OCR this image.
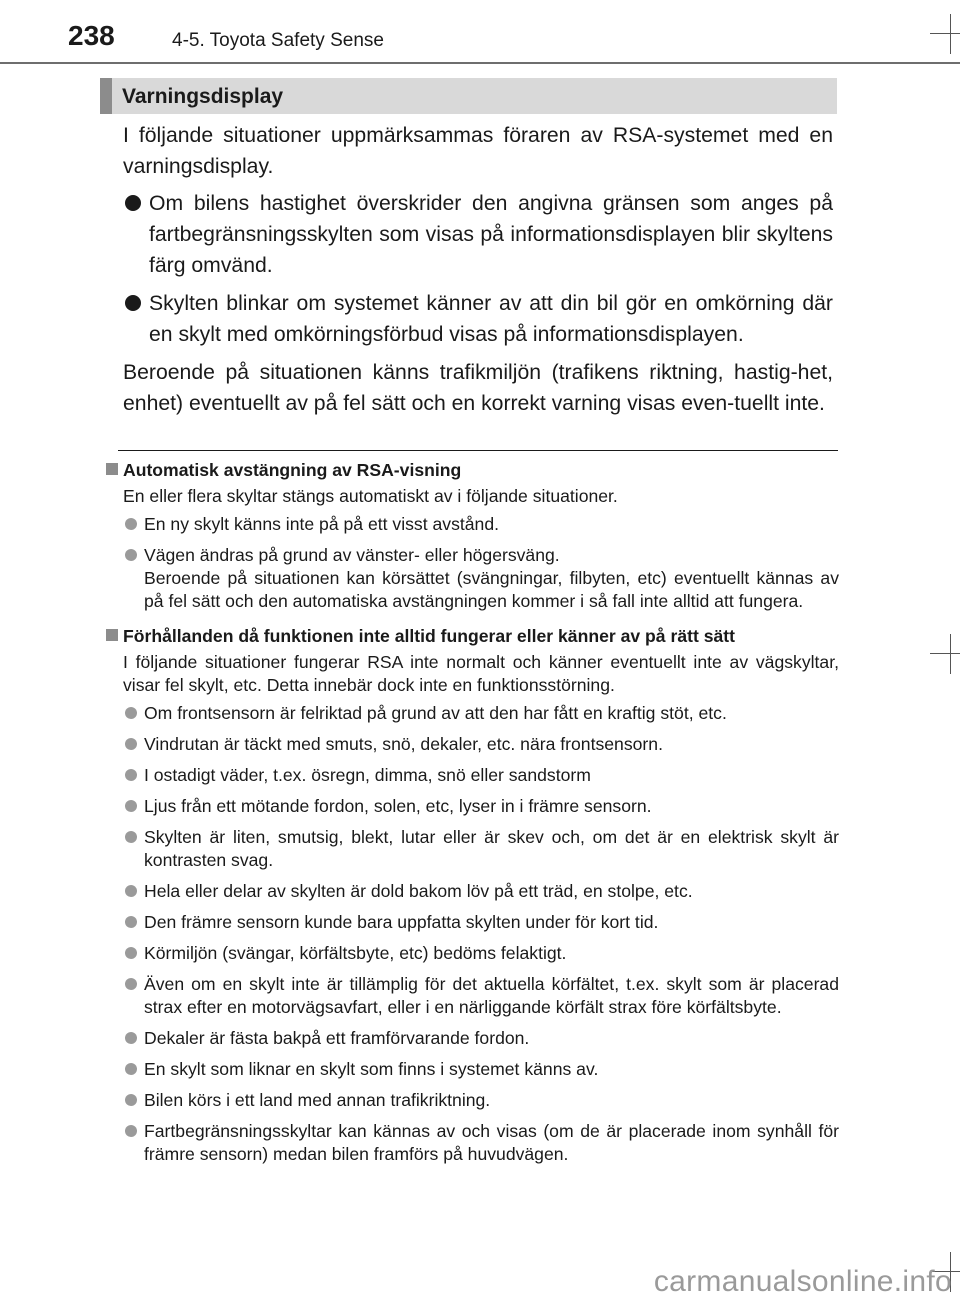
238	4-5. Toyota Safety Sense
Varningsdisplay

I följande situationer uppmärksammas föraren av RSA-systemet med en varningsdisplay.

Om bilens hastighet överskrider den angivna gränsen som anges på fartbegränsningsskylten som visas på informationsdisplayen blir skyltens färg omvänd.
Skylten blinkar om systemet känner av att din bil gör en omkörning där en skylt med omkörningsförbud visas på informationsdisplayen.

Beroende på situationen känns trafikmiljön (trafikens riktning, hastig-het, enhet) eventuellt av på fel sätt och en korrekt varning visas even-tuellt inte.

Automatisk avstängning av RSA-visning
En eller flera skyltar stängs automatiskt av i följande situationer.
En ny skylt känns inte på på ett visst avstånd.
Vägen ändras på grund av vänster- eller högersväng.
Beroende på situationen kan körsättet (svängningar, filbyten, etc) eventuellt kännas av på fel sätt och den automatiska avstängningen kommer i så fall inte alltid att fungera.
Förhållanden då funktionen inte alltid fungerar eller känner av på rätt sätt
I följande situationer fungerar RSA inte normalt och känner eventuellt inte av vägskyltar, visar fel skylt, etc. Detta innebär dock inte en funktionsstörning.
Om frontsensorn är felriktad på grund av att den har fått en kraftig stöt, etc.
Vindrutan är täckt med smuts, snö, dekaler, etc. nära frontsensorn.
I ostadigt väder, t.ex. ösregn, dimma, snö eller sandstorm
Ljus från ett mötande fordon, solen, etc, lyser in i främre sensorn.
Skylten är liten, smutsig, blekt, lutar eller är skev och, om det är en elektrisk skylt är kontrasten svag.
Hela eller delar av skylten är dold bakom löv på ett träd, en stolpe, etc.
Den främre sensorn kunde bara uppfatta skylten under för kort tid.
Körmiljön (svängar, körfältsbyte, etc) bedöms felaktigt.
Även om en skylt inte är tillämplig för det aktuella körfältet, t.ex. skylt som är placerad strax efter en motorvägsavfart, eller i en närliggande körfält strax före körfältsbyte.
Dekaler är fästa bakpå ett framförvarande fordon.
En skylt som liknar en skylt som finns i systemet känns av.
Bilen körs i ett land med annan trafikriktning.
Fartbegränsningsskyltar kan kännas av och visas (om de är placerade inom synhåll för främre sensorn) medan bilen framförs på huvudvägen.
carmanualsonline.info
